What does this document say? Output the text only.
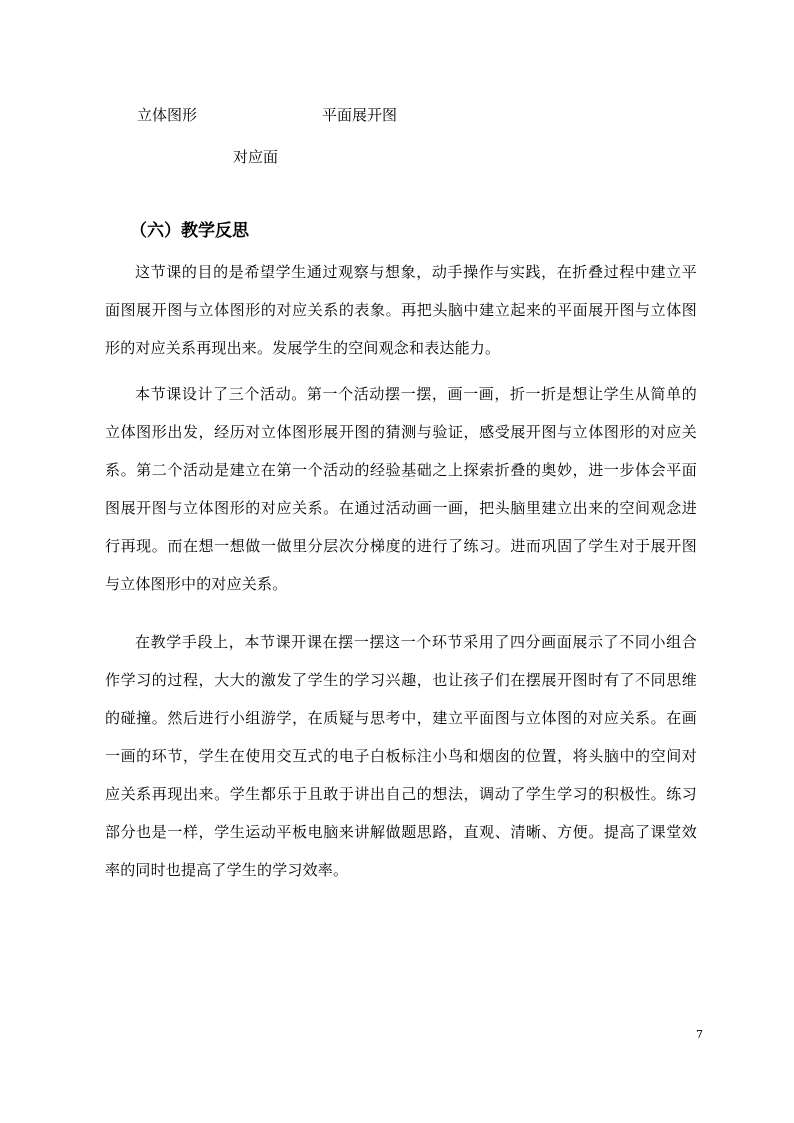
立体图形	平面展开图
对应面
（六）教学反思

这节课的目的是希望学生通过观察与想象，动手操作与实践，在折叠过程中建立平面图展开图与立体图形的对应关系的表象。再把头脑中建立起来的平面展开图与立体图形的对应关系再现出来。发展学生的空间观念和表达能力。

本节课设计了三个活动。第一个活动摆一摆，画一画，折一折是想让学生从简单的立体图形出发，经历对立体图形展开图的猜测与验证，感受展开图与立体图形的对应关系。第二个活动是建立在第一个活动的经验基础之上探索折叠的奥妙，进一步体会平面图展开图与立体图形的对应关系。在通过活动画一画，把头脑里建立出来的空间观念进行再现。而在想一想做一做里分层次分梯度的进行了练习。进而巩固了学生对于展开图与立体图形中的对应关系。

在教学手段上，本节课开课在摆一摆这一个环节采用了四分画面展示了不同小组合作学习的过程，大大的激发了学生的学习兴趣，也让孩子们在摆展开图时有了不同思维的碰撞。然后进行小组游学，在质疑与思考中，建立平面图与立体图的对应关系。在画一画的环节，学生在使用交互式的电子白板标注小鸟和烟囱的位置，将头脑中的空间对应关系再现出来。学生都乐于且敢于讲出自己的想法，调动了学生学习的积极性。练习部分也是一样，学生运动平板电脑来讲解做题思路，直观、清晰、方便。提高了课堂效率的同时也提高了学生的学习效率。

7
